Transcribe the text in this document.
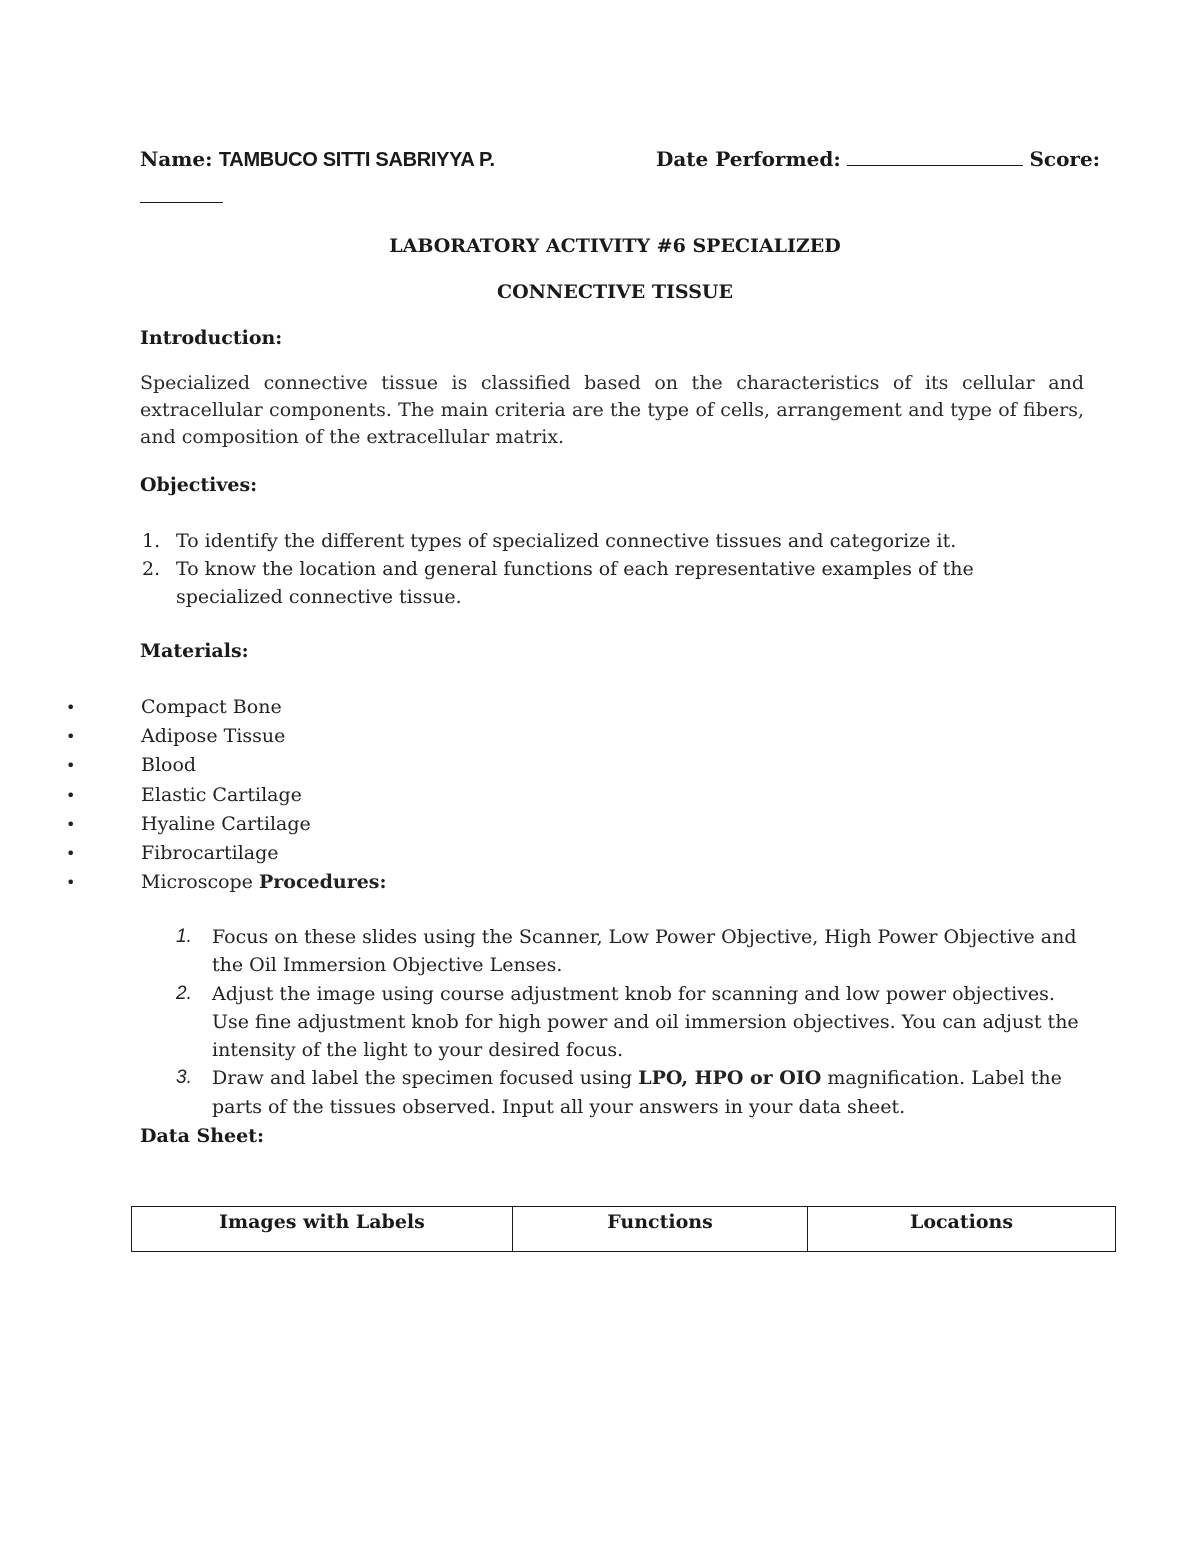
Name: TAMBUCO SITTI SABRIYYA P.	Date Performed:	Score:
LABORATORY ACTIVITY #6 SPECIALIZED
CONNECTIVE TISSUE
Introduction:
Specialized connective tissue is classified based on the characteristics of its cellular and extracellular components. The main criteria are the type of cells, arrangement and type of fibers, and composition of the extracellular matrix.
Objectives:
1. To identify the different types of specialized connective tissues and categorize it.
2. To know the location and general functions of each representative examples of the specialized connective tissue.
Materials:
•	Compact Bone
•	Adipose Tissue
•	Blood
•	Elastic Cartilage
•	Hyaline Cartilage
•	Fibrocartilage
•	Microscope Procedures:
1. Focus on these slides using the Scanner, Low Power Objective, High Power Objective and the Oil Immersion Objective Lenses.
2. Adjust the image using course adjustment knob for scanning and low power objectives. Use fine adjustment knob for high power and oil immersion objectives. You can adjust the intensity of the light to your desired focus.
3. Draw and label the specimen focused using LPO, HPO or OIO magnification. Label the parts of the tissues observed. Input all your answers in your data sheet.
Data Sheet:
Images with Labels	Functions	Locations
